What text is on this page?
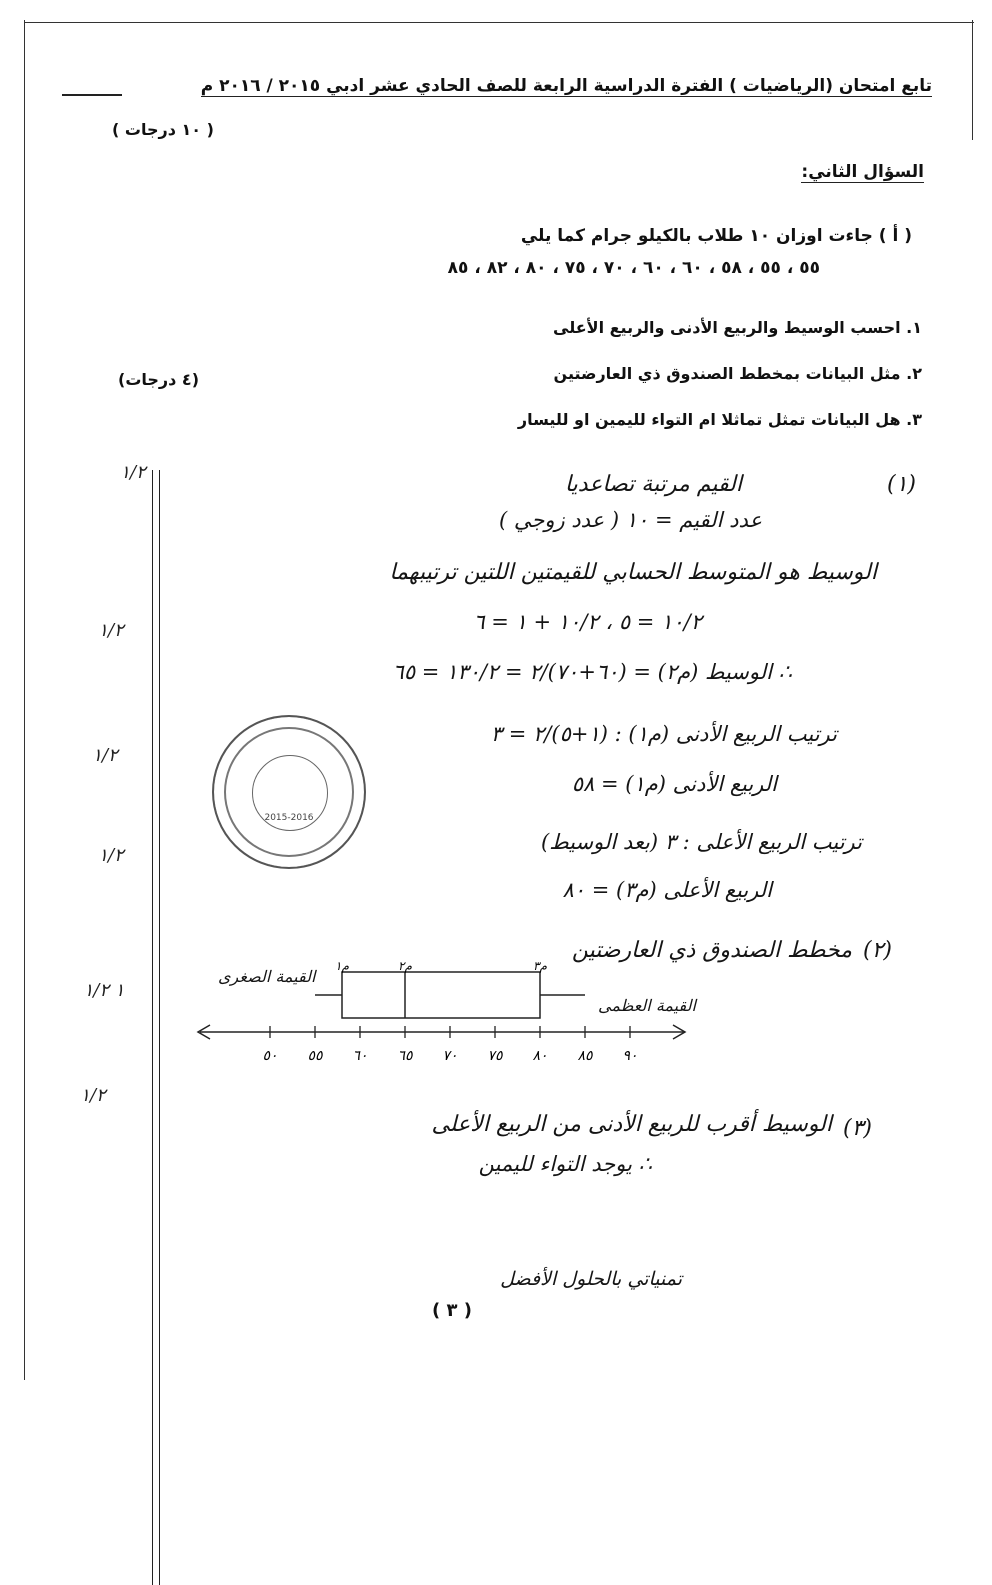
تابع امتحان (الرياضيات ) الفترة الدراسية الرابعة للصف الحادي عشر ادبي ٢٠١٥ / ٢٠١٦ م
( ١٠ درجات )
السؤال الثاني:
( أ ) جاءت اوزان ١٠ طلاب بالكيلو جرام كما يلي
٥٥ ، ٥٥ ، ٥٨ ، ٦٠ ، ٦٠ ، ٧٠ ، ٧٥ ، ٨٠ ، ٨٢ ، ٨٥
١. احسب الوسيط والربيع الأدنى والربيع الأعلى
٢. مثل البيانات بمخطط الصندوق ذي العارضتين
٣. هل البيانات تمثل تماثلا ام التواء لليمين او لليسار
(٤ درجات)
١/٢
١/٢
١/٢
١/٢
١ ١/٢
١/٢
(١)
القيم مرتبة تصاعديا
عدد القيم = ١٠ ( عدد زوجي )
الوسيط هو المتوسط الحسابي للقيمتين اللتين ترتيبهما
١٠/٢ = ٥ ، ١٠/٢ + ١ = ٦
∴ الوسيط (م٢) = (٦٠+٧٠)/٢ = ١٣٠/٢ = ٦٥
ترتيب الربيع الأدنى (م١) : (١+٥)/٢ = ٣
الربيع الأدنى (م١) = ٥٨
ترتيب الربيع الأعلى : ٣ (بعد الوسيط)
الربيع الأعلى (م٣) = ٨٠
(٢)
مخطط الصندوق ذي العارضتين
2015-2016
٥٠ ٥٥ ٦٠ ٦٥ ٧٠ ٧٥ ٨٠ ٨٥ ٩٠
م١	م٢	م٣
القيمة الصغرى
القيمة العظمى
(٣)
الوسيط أقرب للربيع الأدنى من الربيع الأعلى
∴ يوجد التواء لليمين
تمنياتي بالحلول الأفضل
( ٣ )
